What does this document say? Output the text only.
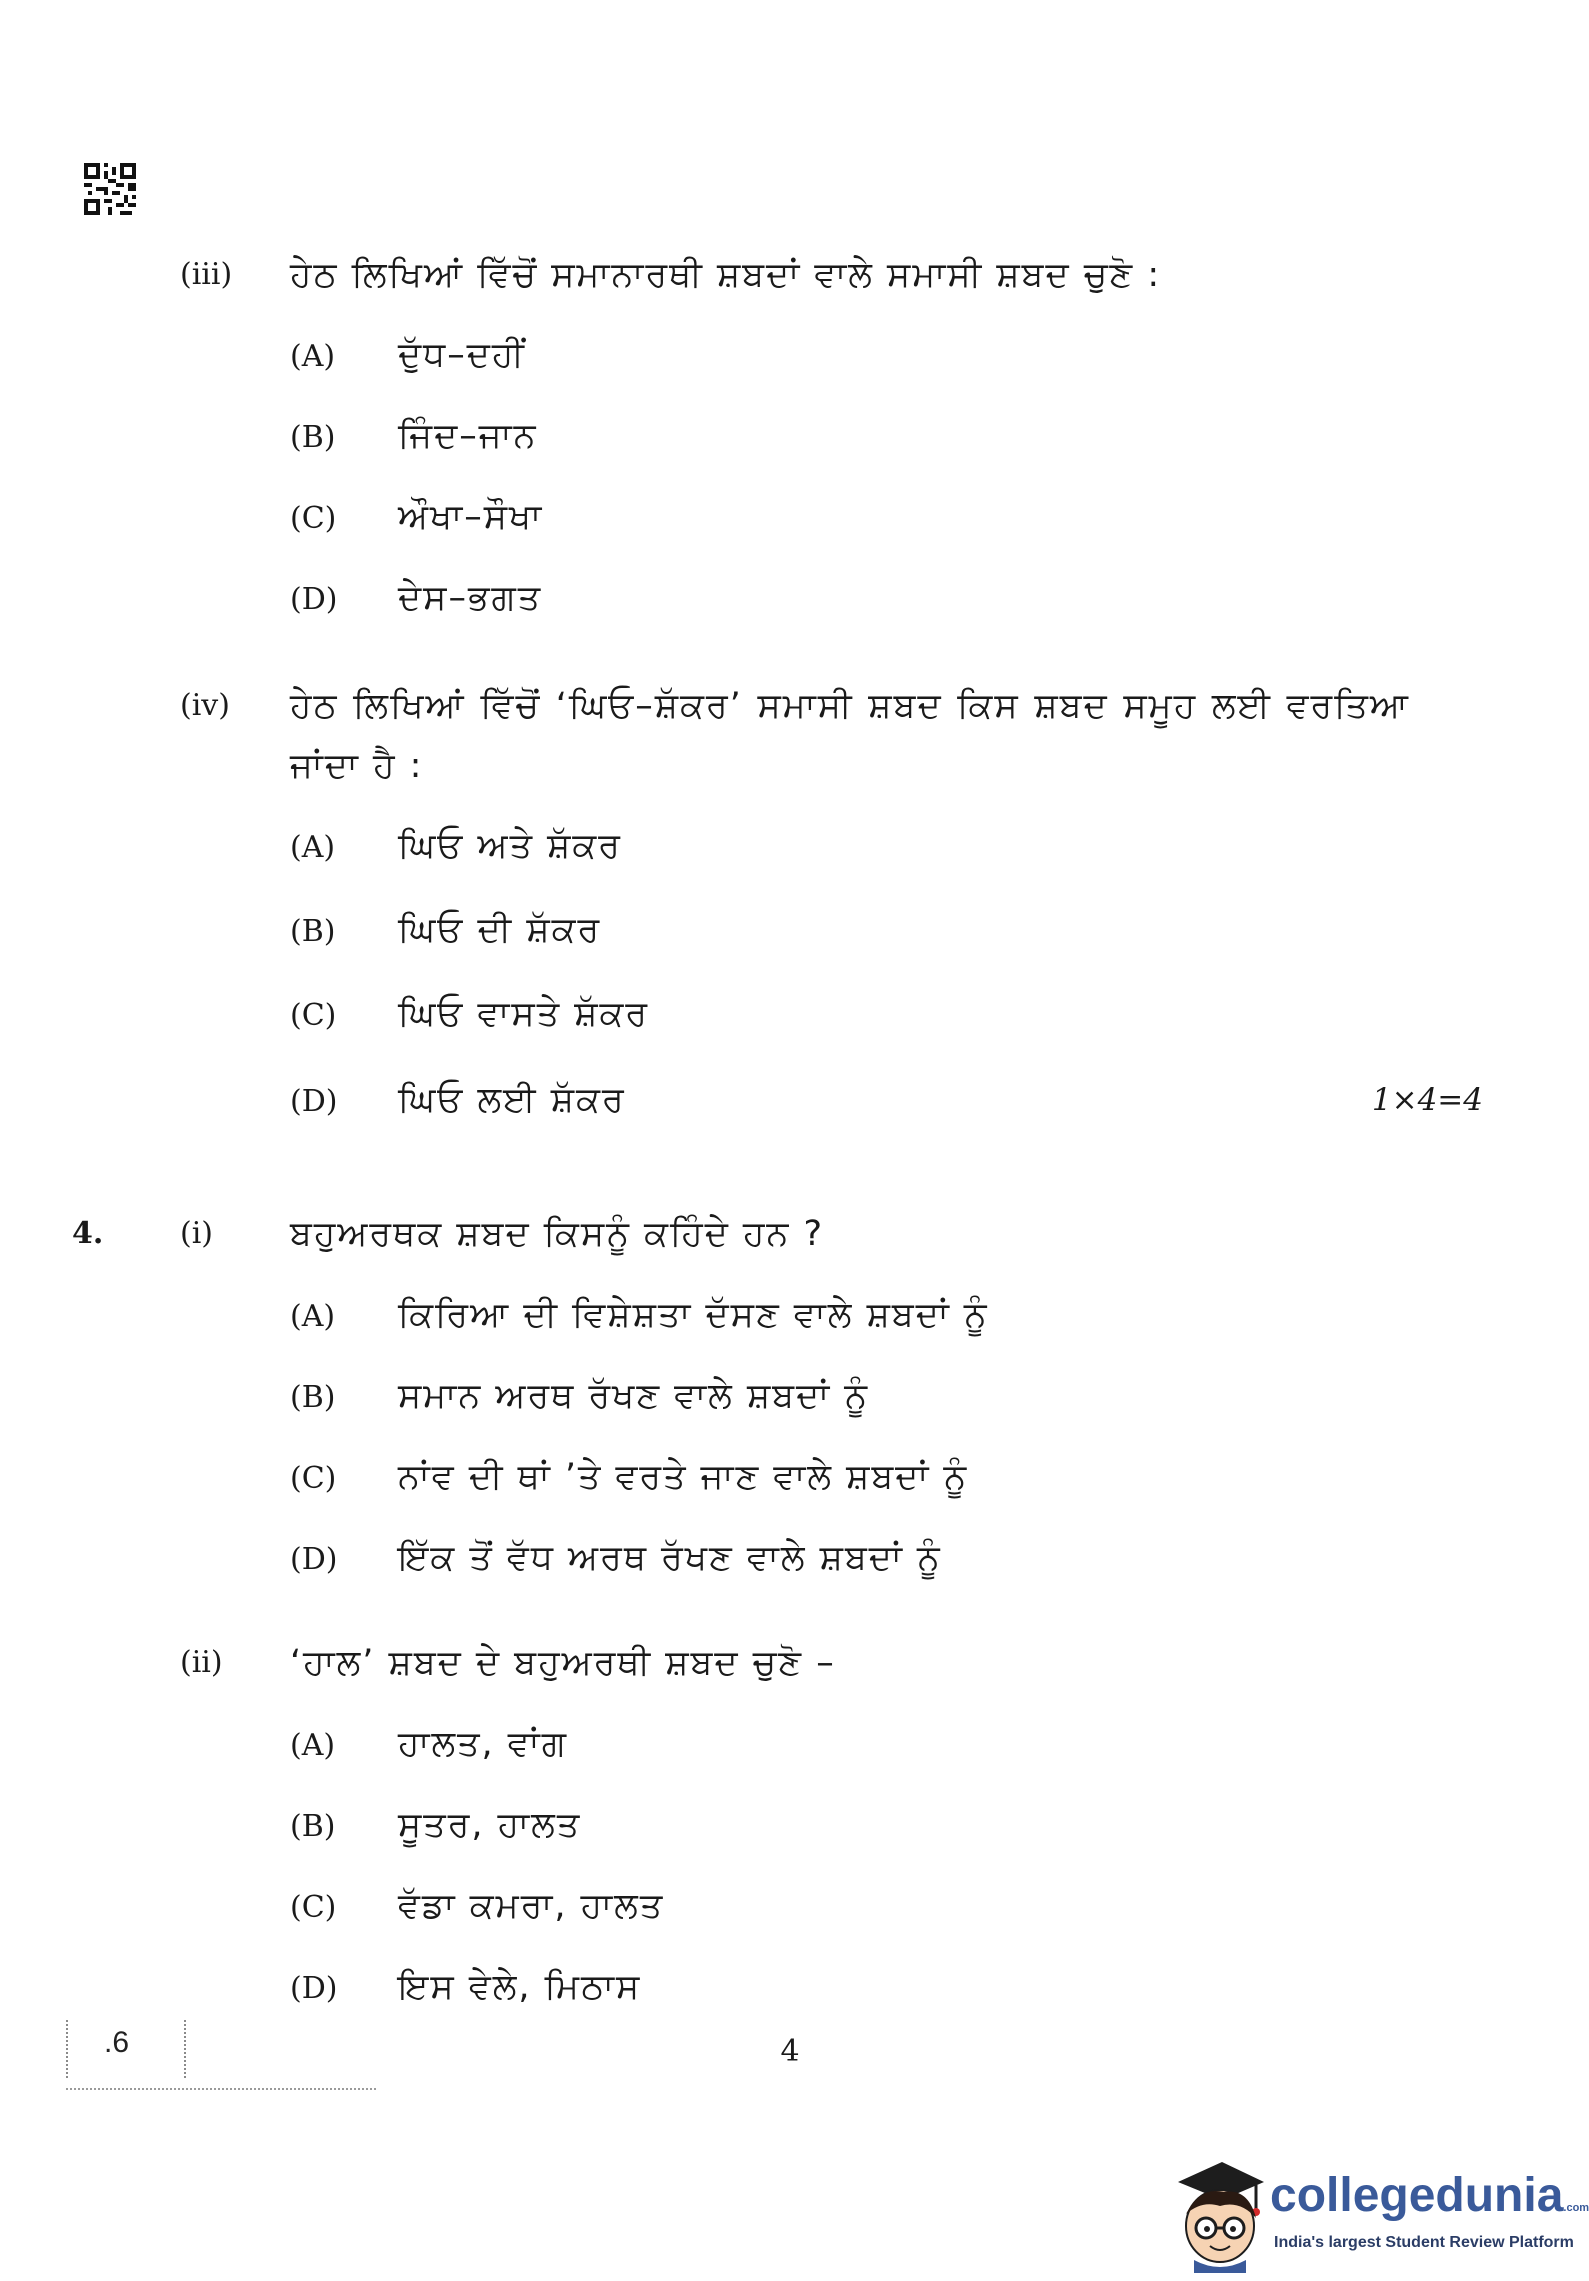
(iii) ਹੇਠ ਲਿਖਿਆਂ ਵਿੱਚੋਂ ਸਮਾਨਾਰਥੀ ਸ਼ਬਦਾਂ ਵਾਲੇ ਸਮਾਸੀ ਸ਼ਬਦ ਚੁਣੋ :
(A) ਦੁੱਧ–ਦਹੀਂ
(B) ਜਿੰਦ–ਜਾਨ
(C) ਔਖਾ–ਸੌਖਾ
(D) ਦੇਸ–ਭਗਤ
(iv) ਹੇਠ ਲਿਖਿਆਂ ਵਿੱਚੋਂ ‘ਘਿਓ–ਸ਼ੱਕਰ’ ਸਮਾਸੀ ਸ਼ਬਦ ਕਿਸ ਸ਼ਬਦ ਸਮੂਹ ਲਈ ਵਰਤਿਆ ਜਾਂਦਾ ਹੈ :
(A) ਘਿਓ ਅਤੇ ਸ਼ੱਕਰ
(B) ਘਿਓ ਦੀ ਸ਼ੱਕਰ
(C) ਘਿਓ ਵਾਸਤੇ ਸ਼ੱਕਰ
(D) ਘਿਓ ਲਈ ਸ਼ੱਕਰ	1×4=4
4.	(i) ਬਹੁਅਰਥਕ ਸ਼ਬਦ ਕਿਸਨੂੰ ਕਹਿੰਦੇ ਹਨ ?
(A) ਕਿਰਿਆ ਦੀ ਵਿਸ਼ੇਸ਼ਤਾ ਦੱਸਣ ਵਾਲੇ ਸ਼ਬਦਾਂ ਨੂੰ
(B) ਸਮਾਨ ਅਰਥ ਰੱਖਣ ਵਾਲੇ ਸ਼ਬਦਾਂ ਨੂੰ
(C) ਨਾਂਵ ਦੀ ਥਾਂ ’ਤੇ ਵਰਤੇ ਜਾਣ ਵਾਲੇ ਸ਼ਬਦਾਂ ਨੂੰ
(D) ਇੱਕ ਤੋਂ ਵੱਧ ਅਰਥ ਰੱਖਣ ਵਾਲੇ ਸ਼ਬਦਾਂ ਨੂੰ
(ii) ‘ਹਾਲ’ ਸ਼ਬਦ ਦੇ ਬਹੁਅਰਥੀ ਸ਼ਬਦ ਚੁਣੋ –
(A) ਹਾਲਤ, ਵਾਂਗ
(B) ਸੂਤਰ, ਹਾਲਤ
(C) ਵੱਡਾ ਕਮਰਾ, ਹਾਲਤ
(D) ਇਸ ਵੇਲੇ, ਮਿਠਾਸ
.6	4
collegedunia.com
India's largest Student Review Platform
